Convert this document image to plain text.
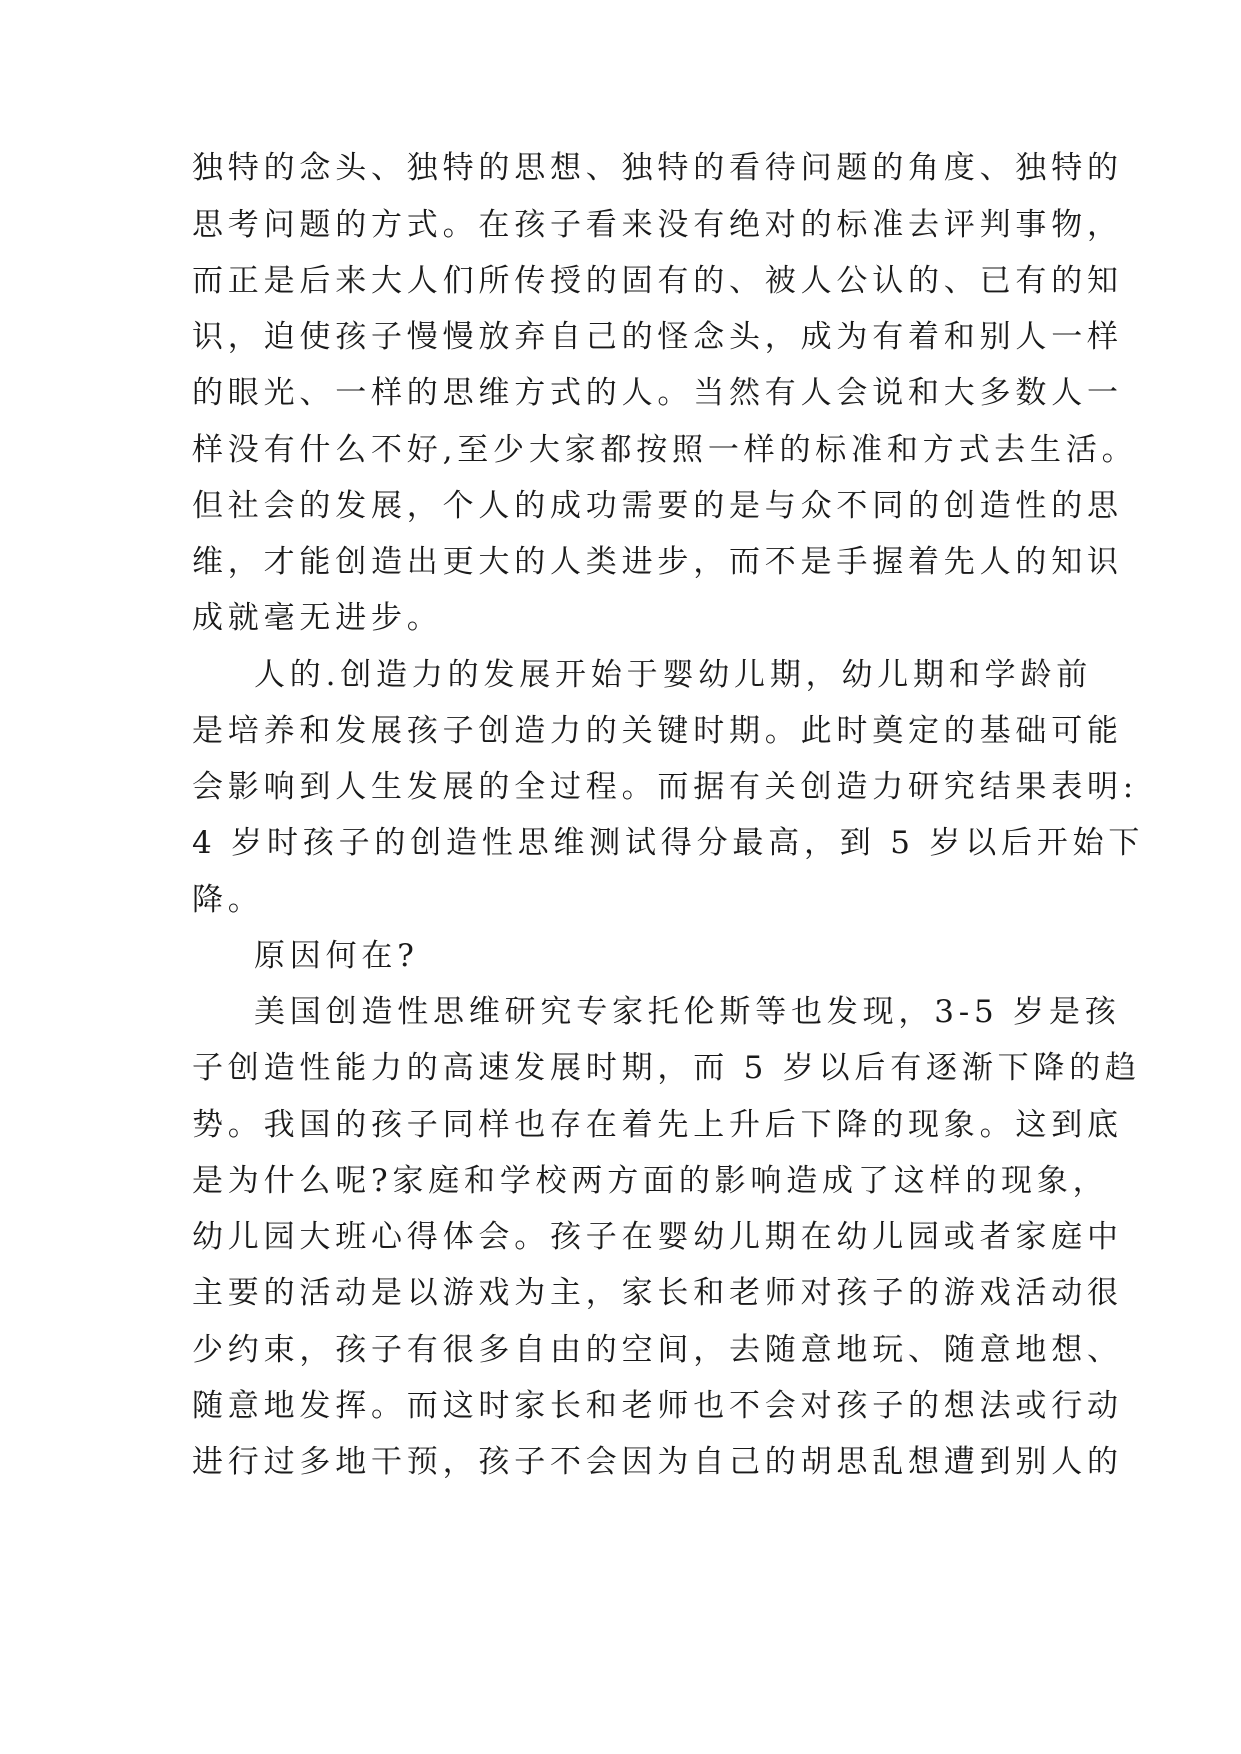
独特的念头、独特的思想、独特的看待问题的角度、独特的
思考问题的方式。在孩子看来没有绝对的标准去评判事物，
而正是后来大人们所传授的固有的、被人公认的、已有的知
识，迫使孩子慢慢放弃自己的怪念头，成为有着和别人一样
的眼光、一样的思维方式的人。当然有人会说和大多数人一
样没有什么不好,至少大家都按照一样的标准和方式去生活。
但社会的发展，个人的成功需要的是与众不同的创造性的思
维，才能创造出更大的人类进步，而不是手握着先人的知识
成就毫无进步。
人的.创造力的发展开始于婴幼儿期，幼儿期和学龄前
是培养和发展孩子创造力的关键时期。此时奠定的基础可能
会影响到人生发展的全过程。而据有关创造力研究结果表明:
4 岁时孩子的创造性思维测试得分最高，到 5 岁以后开始下
降。
原因何在?
美国创造性思维研究专家托伦斯等也发现，3-5 岁是孩
子创造性能力的高速发展时期，而 5 岁以后有逐渐下降的趋
势。我国的孩子同样也存在着先上升后下降的现象。这到底
是为什么呢?家庭和学校两方面的影响造成了这样的现象，
幼儿园大班心得体会。孩子在婴幼儿期在幼儿园或者家庭中
主要的活动是以游戏为主，家长和老师对孩子的游戏活动很
少约束，孩子有很多自由的空间，去随意地玩、随意地想、
随意地发挥。而这时家长和老师也不会对孩子的想法或行动
进行过多地干预，孩子不会因为自己的胡思乱想遭到别人的
